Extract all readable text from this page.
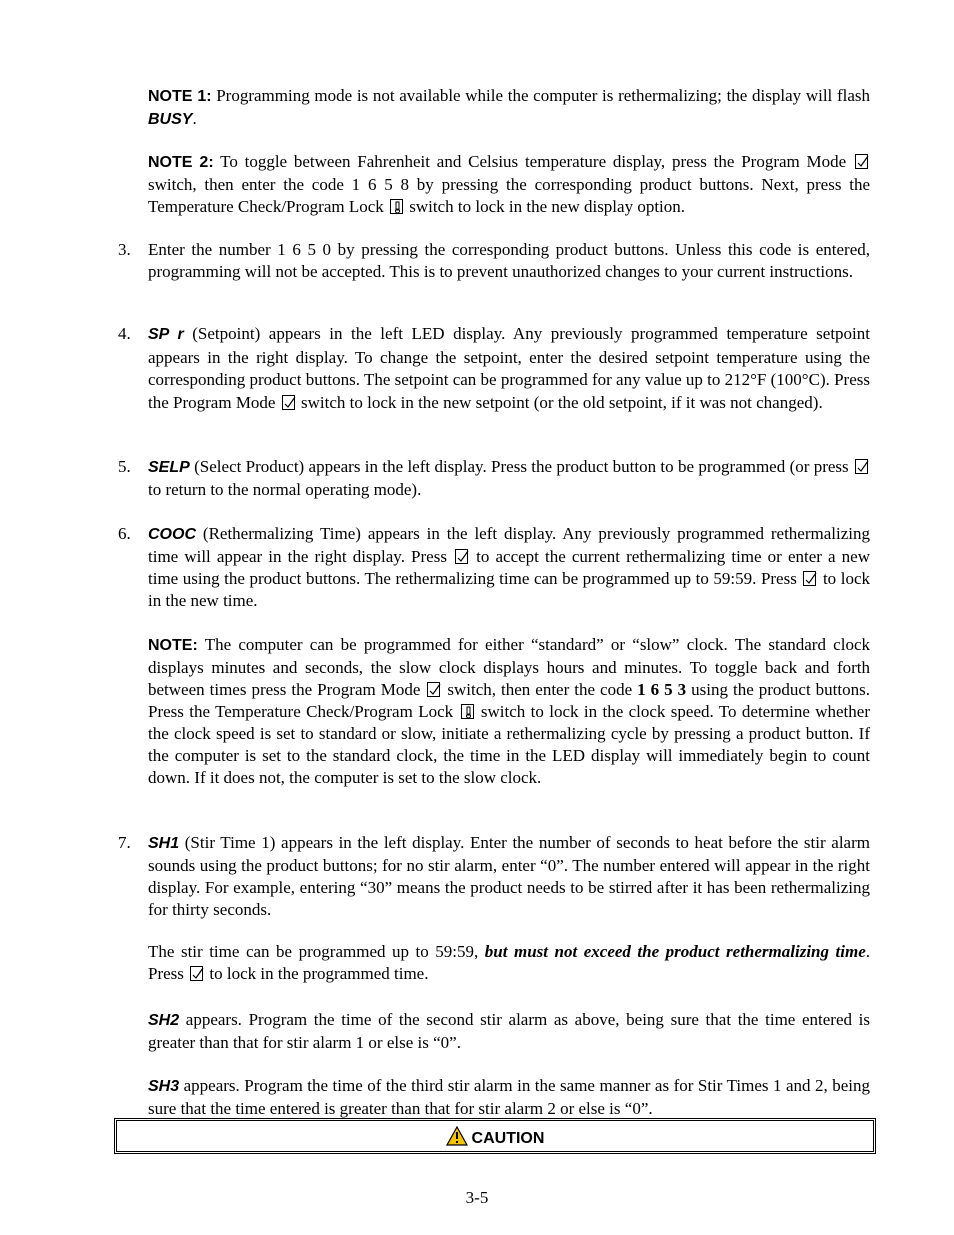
NOTE 1: Programming mode is not available while the computer is rethermalizing; the display will flash BUSY.
NOTE 2: To toggle between Fahrenheit and Celsius temperature display, press the Program Mode
switch, then enter the code 1 6 5 8 by pressing the corresponding product buttons. Next, press the Temperature Check/Program Lock
switch to lock in the new display option.
3.	Enter the number 1 6 5 0 by pressing the corresponding product buttons. Unless this code is entered, programming will not be accepted. This is to prevent unauthorized changes to your current instructions.
4.	SP r (Setpoint) appears in the left LED display. Any previously programmed temperature setpoint appears in the right display. To change the setpoint, enter the desired setpoint temperature using the corresponding product buttons. The setpoint can be programmed for any value up to 212°F (100°C). Press the Program Mode
switch to lock in the new setpoint (or the old setpoint, if it was not changed).
5.	SELP (Select Product) appears in the left display. Press the product button to be programmed (or press
to return to the normal operating mode).
6.	COOC (Rethermalizing Time) appears in the left display. Any previously programmed rethermalizing time will appear in the right display. Press
to accept the current rethermalizing time or enter a new time using the product buttons. The rethermalizing time can be programmed up to 59:59. Press
to lock in the new time.
NOTE: The computer can be programmed for either “standard” or “slow” clock. The standard clock displays minutes and seconds, the slow clock displays hours and minutes. To toggle back and forth between times press the Program Mode
switch, then enter the code 1 6 5 3 using the product buttons. Press the Temperature Check/Program Lock
switch to lock in the clock speed. To determine whether the clock speed is set to standard or slow, initiate a rethermalizing cycle by pressing a product button. If the computer is set to the standard clock, the time in the LED display will immediately begin to count down. If it does not, the computer is set to the slow clock.
7.	SH1 (Stir Time 1) appears in the left display. Enter the number of seconds to heat before the stir alarm sounds using the product buttons; for no stir alarm, enter “0”. The number entered will appear in the right display. For example, entering “30” means the product needs to be stirred after it has been rethermalizing for thirty seconds.
The stir time can be programmed up to 59:59, but must not exceed the product rethermalizing time. Press
to lock in the programmed time.
SH2 appears. Program the time of the second stir alarm as above, being sure that the time entered is greater than that for stir alarm 1 or else is “0”.
SH3 appears. Program the time of the third stir alarm in the same manner as for Stir Times 1 and 2, being sure that the time entered is greater than that for stir alarm 2 or else is “0”.
CAUTION
3-5
